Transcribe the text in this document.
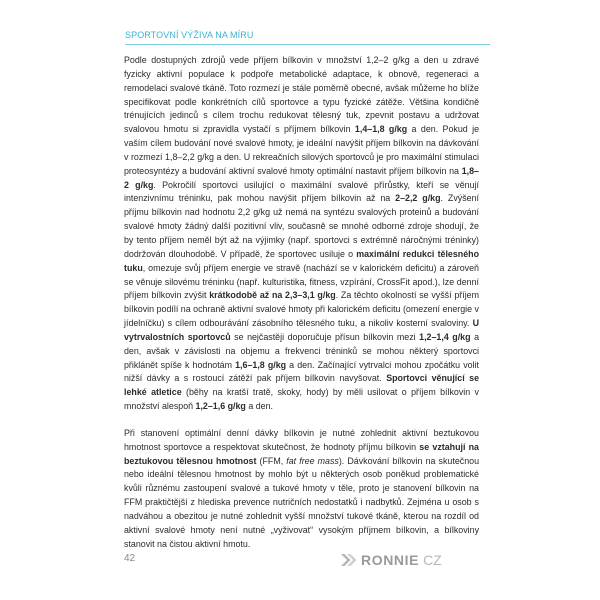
SPORTOVNÍ VÝŽIVA NA MÍRU

Podle dostupných zdrojů vede příjem bílkovin v množství 1,2–2 g/kg a den u zdravé fyzicky aktivní populace k podpoře metabolické adaptace, k obnově, regeneraci a remodelaci svalové tkáně. Toto rozmezí je stále poměrně obecné, avšak můžeme ho blíže specifikovat podle konkrétních cílů sportovce a typu fyzické zátěže. Většina kondičně trénujících jedinců s cílem trochu redukovat tělesný tuk, zpevnit postavu a udržovat svalovou hmotu si zpravidla vystačí s příjmem bílkovin 1,4–1,8 g/kg a den. Pokud je vaším cílem budování nové svalové hmoty, je ideální navýšit příjem bílkovin na dávkování v rozmezí 1,8–2,2 g/kg a den. U rekreačních silových sportovců je pro maximální stimulaci proteosyntézy a budování aktivní svalové hmoty optimální nastavit příjem bílkovin na 1,8–2 g/kg. Pokročilí sportovci usilující o maximální svalové přírůstky, kteří se věnují intenzivnímu tréninku, pak mohou navýšit příjem bílkovin až na 2–2,2 g/kg. Zvýšení příjmu bílkovin nad hodnotu 2,2 g/kg už nemá na syntézu svalových proteinů a budování svalové hmoty žádný další pozitivní vliv, současně se mnohé odborné zdroje shodují, že by tento příjem neměl být až na výjimky (např. sportovci s extrémně náročnými tréninky) dodržován dlouhodobě. V případě, že sportovec usiluje o maximální redukci tělesného tuku, omezuje svůj příjem energie ve stravě (nachází se v kalorickém deficitu) a zároveň se věnuje silovému tréninku (např. kulturistika, fitness, vzpírání, CrossFit apod.), lze denní příjem bílkovin zvýšit krátkodobě až na 2,3–3,1 g/kg. Za těchto okolností se vyšší příjem bílkovin podílí na ochraně aktivní svalové hmoty při kalorickém deficitu (omezení energie v jídelníčku) s cílem odbourávání zásobního tělesného tuku, a nikoliv kosterní svaloviny. U vytrvalostních sportovců se nejčastěji doporučuje přísun bílkovin mezi 1,2–1,4 g/kg a den, avšak v závislosti na objemu a frekvenci tréninků se mohou některý sportovci přiklánět spíše k hodnotám 1,6–1,8 g/kg a den. Začínající vytrvalci mohou zpočátku volit nižší dávky a s rostoucí zátěží pak příjem bílkovin navyšovat. Sportovci věnující se lehké atletice (běhy na kratší tratě, skoky, hody) by měli usilovat o příjem bílkovin v množství alespoň 1,2–1,6 g/kg a den.

Při stanovení optimální denní dávky bílkovin je nutné zohlednit aktivní beztukovou hmotnost sportovce a respektovat skutečnost, že hodnoty příjmu bílkovin se vztahují na beztukovou tělesnou hmotnost (FFM, fat free mass). Dávkování bílkovin na skutečnou nebo ideální tělesnou hmotnost by mohlo být u některých osob poněkud problematické kvůli různému zastoupení svalové a tukové hmoty v těle, proto je stanovení bílkovin na FFM praktičtější z hlediska prevence nutričních nedostatků i nadbytků. Zejména u osob s nadváhou a obezitou je nutné zohlednit vyšší množství tukové tkáně, kterou na rozdíl od aktivní svalové hmoty není nutné „vyživovat“ vysokým příjmem bílkovin, a bílkoviny stanovit na čistou aktivní hmotu.

42	RONNIE CZ
